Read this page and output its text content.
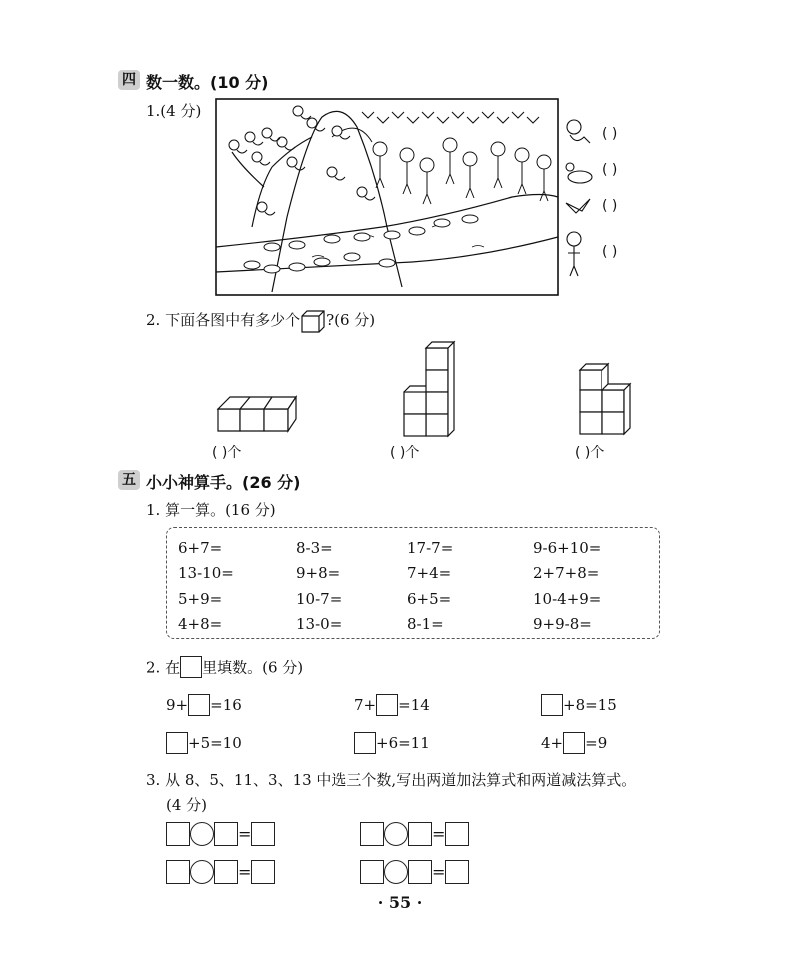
四 数一数。(10 分)
1.(4 分)
( )
( )
( )
( )
2. 下面各图中有多少个 ?(6 分)
( )个	( )个	( )个
五 小小神算手。(26 分)
1. 算一算。(16 分)
6+7=	8-3=	17-7=	9-6+10=
13-10=	9+8=	7+4=	2+7+8=
5+9=	10-7=	6+5=	10-4+9=
4+8=	13-0=	8-1=	9+9-8=
2. 在 里填数。(6 分)
9+ =16	7+ =14	+8=15
+5=10	+6=11	4+ =9
3. 从 8、5、11、3、13 中选三个数,写出两道加法算式和两道减法算式。
(4 分)
=	=
=	=
· 55 ·
